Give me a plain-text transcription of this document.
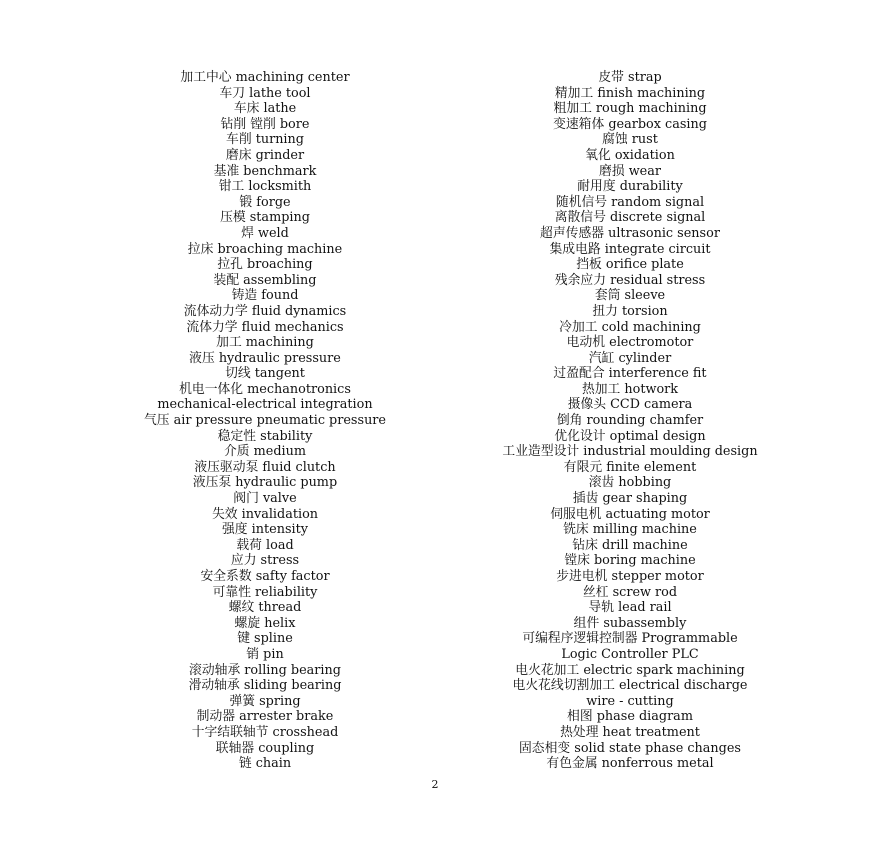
加工中心 machining center
车刀 lathe tool
车床 lathe
钻削 镗削 bore
车削 turning
磨床 grinder
基准 benchmark
钳工 locksmith
锻 forge
压模 stamping
焊 weld
拉床 broaching machine
拉孔 broaching
装配 assembling
铸造 found
流体动力学 fluid dynamics
流体力学 fluid mechanics
加工 machining
液压 hydraulic pressure
切线 tangent
机电一体化 mechanotronics
mechanical-electrical integration
气压 air pressure pneumatic pressure
稳定性 stability
介质 medium
液压驱动泵 fluid clutch
液压泵 hydraulic pump
阀门 valve
失效 invalidation
强度 intensity
载荷 load
应力 stress
安全系数 safty factor
可靠性 reliability
螺纹 thread
螺旋 helix
键 spline
销 pin
滚动轴承 rolling bearing
滑动轴承 sliding bearing
弹簧 spring
制动器 arrester brake
十字结联轴节 crosshead
联轴器 coupling
链 chain
皮带 strap
精加工 finish machining
粗加工 rough machining
变速箱体 gearbox casing
腐蚀 rust
氧化 oxidation
磨损 wear
耐用度 durability
随机信号 random signal
离散信号 discrete signal
超声传感器 ultrasonic sensor
集成电路 integrate circuit
挡板 orifice plate
残余应力 residual stress
套筒 sleeve
扭力 torsion
冷加工 cold machining
电动机 electromotor
汽缸 cylinder
过盈配合 interference fit
热加工 hotwork
摄像头 CCD camera
倒角 rounding chamfer
优化设计 optimal design
工业造型设计 industrial moulding design
有限元 finite element
滚齿 hobbing
插齿 gear shaping
伺服电机 actuating motor
铣床 milling machine
钻床 drill machine
镗床 boring machine
步进电机 stepper motor
丝杠 screw rod
导轨 lead rail
组件 subassembly
可编程序逻辑控制器 Programmable
Logic Controller PLC
电火花加工 electric spark machining
电火花线切割加工 electrical discharge
wire - cutting
相图 phase diagram
热处理 heat treatment
固态相变 solid state phase changes
有色金属 nonferrous metal
2
